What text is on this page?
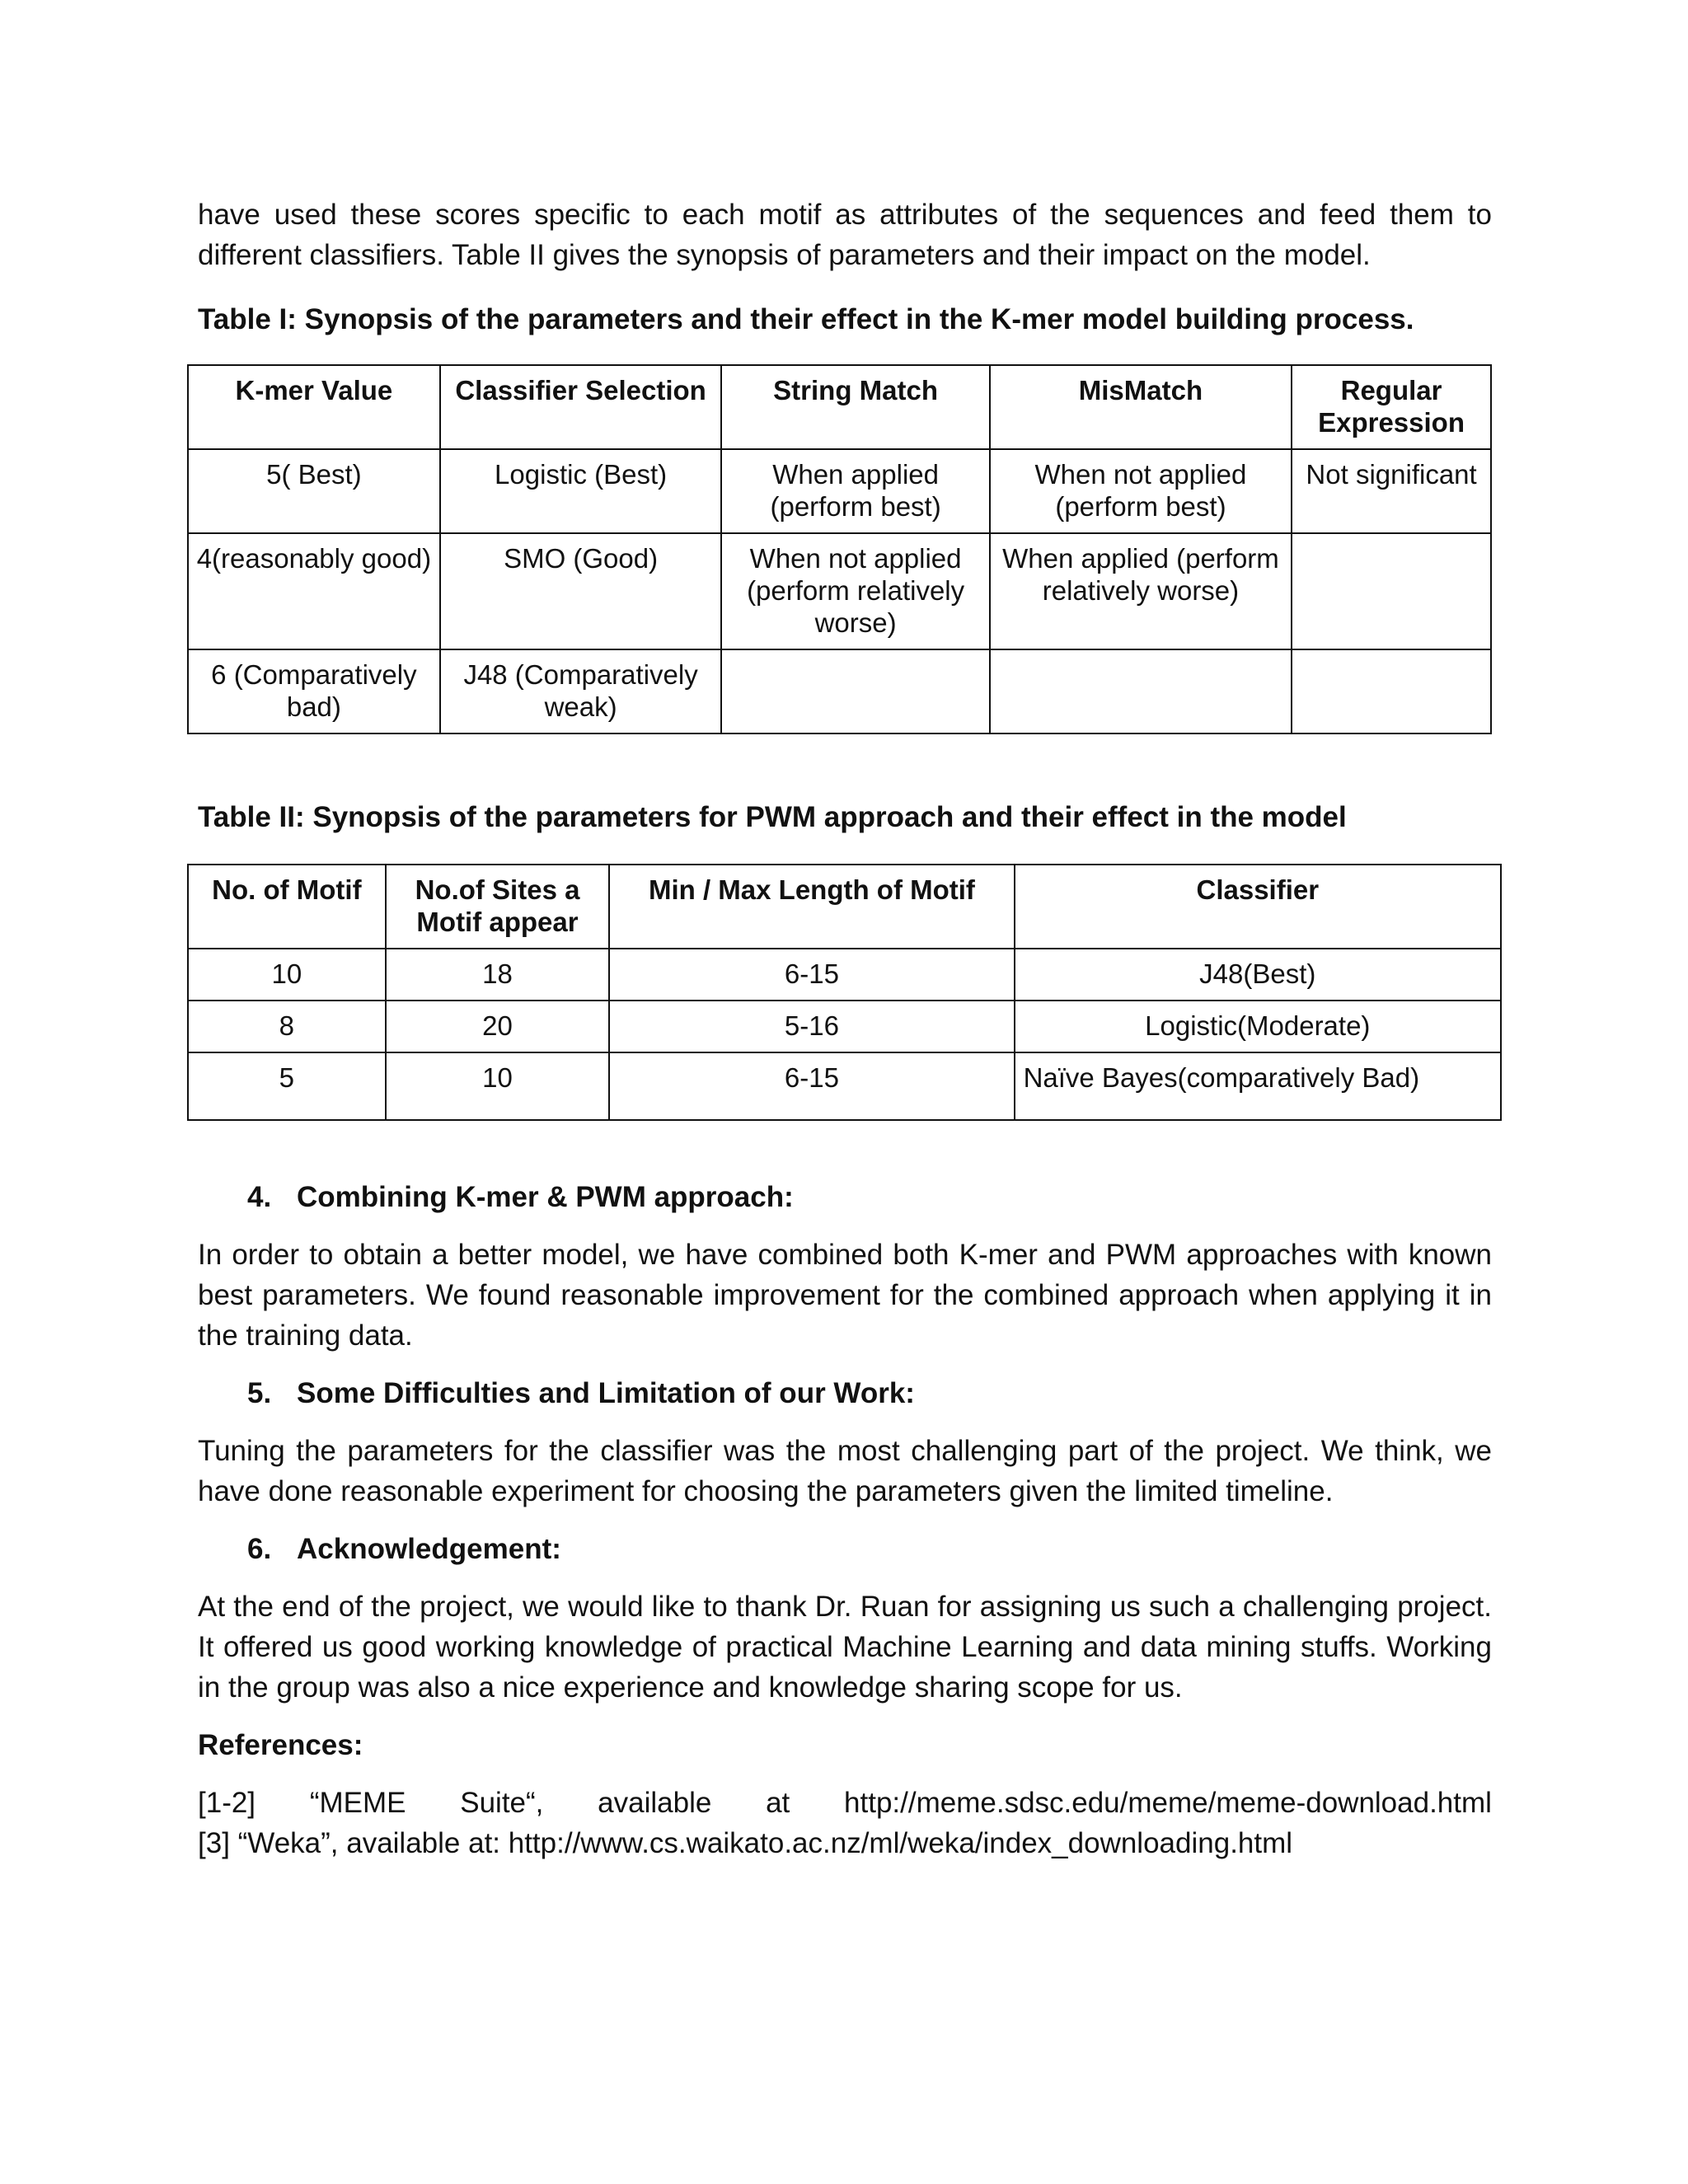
have used these scores specific to each motif as attributes of the sequences and feed them to different classifiers. Table II gives the synopsis of parameters and their impact on the model.

Table I: Synopsis of the parameters and their effect in the K-mer model building process.
K-mer Value	Classifier Selection	String Match	MisMatch	Regular Expression
5( Best)	Logistic (Best)	When applied (perform best)	When not applied (perform best)	Not significant
4(reasonably good)	SMO (Good)	When not applied (perform relatively worse)	When applied (perform relatively worse)	
6 (Comparatively bad)	J48 (Comparatively weak)			
Table II: Synopsis of the parameters for PWM approach and their effect in the model
No. of Motif	No.of Sites a Motif appear	Min / Max Length of Motif	Classifier
10	18	6-15	J48(Best)
8	20	5-16	Logistic(Moderate)
5	10	6-15	Naïve Bayes(comparatively Bad)
4. Combining K-mer & PWM approach:

In order to obtain a better model, we have combined both K-mer and PWM approaches with known best parameters. We found reasonable improvement for the combined approach when applying it in the training data.

5. Some Difficulties and Limitation of our Work:

Tuning the parameters for the classifier was the most challenging part of the project. We think, we have done reasonable experiment for choosing the parameters given the limited timeline.

6. Acknowledgement:

At the end of the project, we would like to thank Dr. Ruan for assigning us such a challenging project. It offered us good working knowledge of practical Machine Learning and data mining stuffs. Working in the group was also a nice experience and knowledge sharing scope for us.

References:
[1-2] “MEME Suite“, available at http://meme.sdsc.edu/meme/meme-download.html
[3] “Weka”, available at: http://www.cs.waikato.ac.nz/ml/weka/index_downloading.html
